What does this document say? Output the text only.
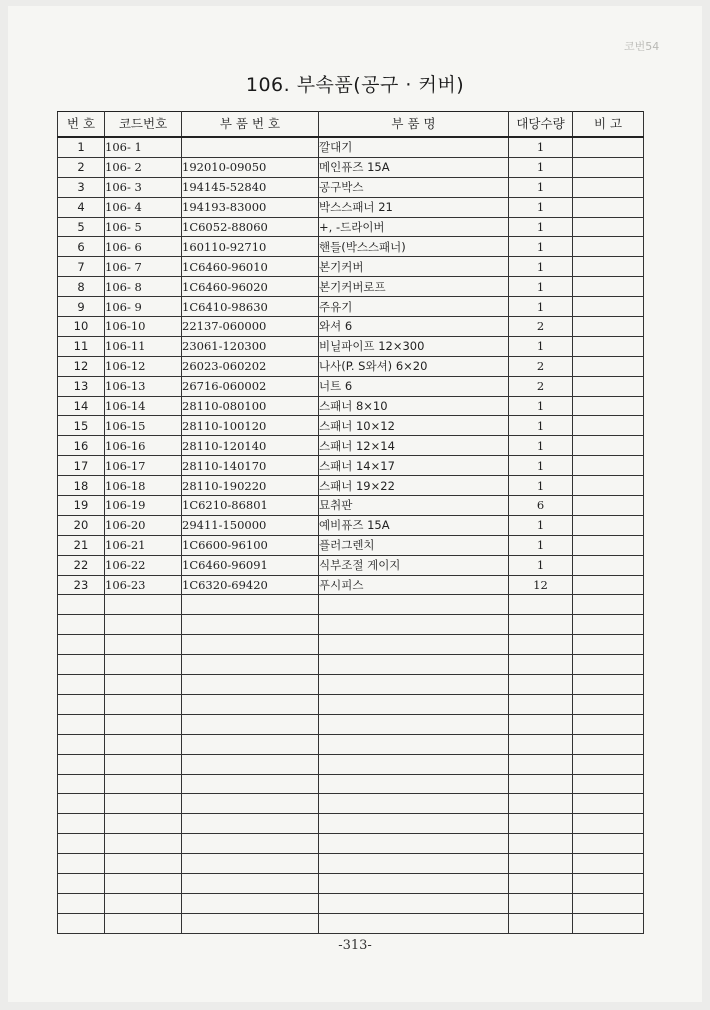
코번54
106. 부속품(공구 · 커버)
번 호	코드번호	부 품 번 호	부 품 명	대당수량	비 고
1	106- 1		깔대기	1	
2	106- 2	192010-09050	메인퓨즈 15A	1	
3	106- 3	194145-52840	공구박스	1	
4	106- 4	194193-83000	박스스패너 21	1	
5	106- 5	1C6052-88060	+, -드라이버	1	
6	106- 6	160110-92710	핸들(박스스패너)	1	
7	106- 7	1C6460-96010	본기커버	1	
8	106- 8	1C6460-96020	본기커버로프	1	
9	106- 9	1C6410-98630	주유기	1	
10	106-10	22137-060000	와셔 6	2	
11	106-11	23061-120300	비닐파이프 12×300	1	
12	106-12	26023-060202	나사(P. S와셔) 6×20	2	
13	106-13	26716-060002	너트 6	2	
14	106-14	28110-080100	스패너 8×10	1	
15	106-15	28110-100120	스패너 10×12	1	
16	106-16	28110-120140	스패너 12×14	1	
17	106-17	28110-140170	스패너 14×17	1	
18	106-18	28110-190220	스패너 19×22	1	
19	106-19	1C6210-86801	묘취판	6	
20	106-20	29411-150000	예비퓨즈 15A	1	
21	106-21	1C6600-96100	플러그렌치	1	
22	106-22	1C6460-96091	식부조절 게이지	1	
23	106-23	1C6320-69420	푸시피스	12	

-313-
